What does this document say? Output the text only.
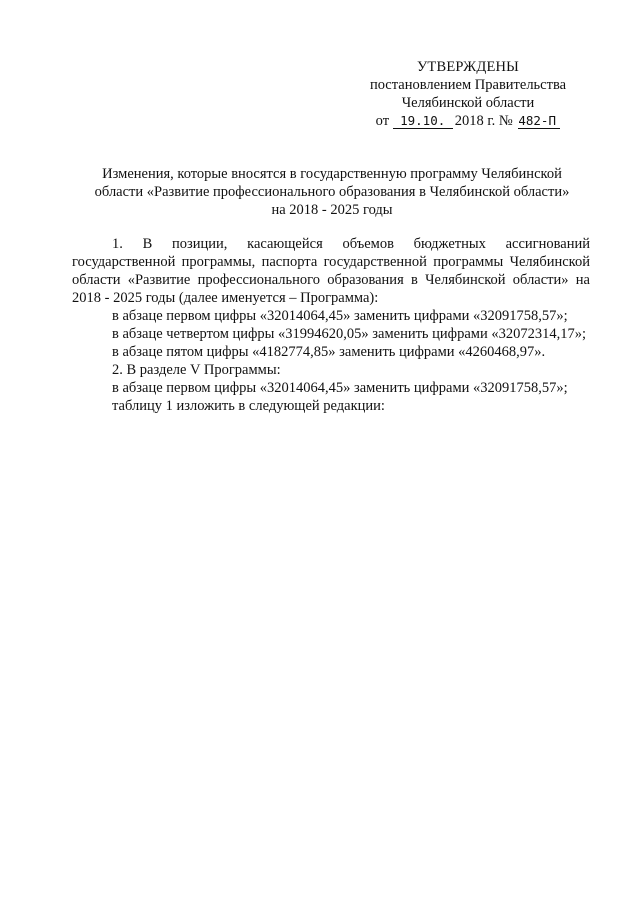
УТВЕРЖДЕНЫ
постановлением Правительства
Челябинской области
от 19.10. 2018 г. № 482-П
Изменения, которые вносятся в государственную программу Челябинской
области «Развитие профессионального образования в Челябинской области»
на 2018 - 2025 годы

1. В позиции, касающейся объемов бюджетных ассигнований государственной программы, паспорта государственной программы Челябинской области «Развитие профессионального образования в Челябинской области» на 2018 - 2025 годы (далее именуется – Программа):

в абзаце первом цифры «32014064,45» заменить цифрами «32091758,57»;

в абзаце четвертом цифры «31994620,05» заменить цифрами «32072314,17»;

в абзаце пятом цифры «4182774,85» заменить цифрами «4260468,97».

2. В разделе V Программы:

в абзаце первом цифры «32014064,45» заменить цифрами «32091758,57»;

таблицу 1 изложить в следующей редакции:
